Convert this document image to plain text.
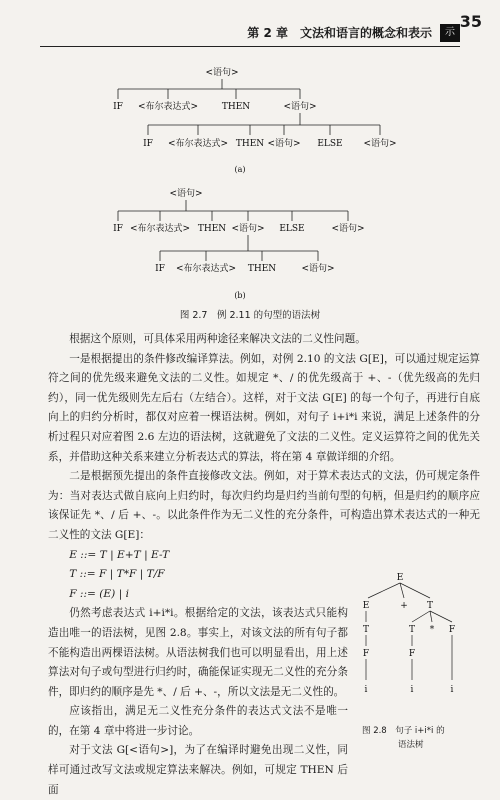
第 2 章　文法和语言的概念和表示	示
35
<语句>
IF <布尔表达式>	THEN	<语句>
IF <布尔表达式> THEN <语句> ELSE <语句>
(a)
<语句>
IF <布尔表达式> THEN <语句> ELSE	<语句>
IF <布尔表达式> THEN	<语句>
(b)
图 2.7　例 2.11 的句型的语法树

根据这个原则，可具体采用两种途径来解决文法的二义性问题。

一是根据提出的条件修改编译算法。例如，对例 2.10 的文法 G[E]，可以通过规定运算符之间的优先级来避免文法的二义性。如规定 *、/ 的优先级高于 +、-（优先级高的先归约），同一优先级则先左后右（左结合）。这样，对于文法 G[E] 的每一个句子，再进行自底向上的归约分析时，都仅对应着一棵语法树。例如，对句子 i+i*i 来说，满足上述条件的分析过程只对应着图 2.6 左边的语法树，这就避免了文法的二义性。定义运算符之间的优先关系，并借助这种关系来建立分析表达式的算法，将在第 4 章做详细的介绍。

二是根据预先提出的条件直接修改文法。例如，对于算术表达式的文法，仍可规定条件为：当对表达式做自底向上归约时，每次归约均是归约当前句型的句柄，但是归约的顺序应该保证先 *、/ 后 +、-。以此条件作为无二义性的充分条件，可构造出算术表达式的一种无二义性的文法 G[E]：

E ::= T | E+T | E-T
T ::= F | T*F | T/F
F ::= (E) | i

仍然考虑表达式 i+i*i。根据给定的文法，该表达式只能构造出唯一的语法树，见图 2.8。事实上，对该文法的所有句子都不能构造出两棵语法树。从语法树我们也可以明显看出，用上述算法对句子或句型进行归约时，确能保证实现无二义性的充分条件，即归约的顺序是先 *、/ 后 +、-，所以文法是无二义性的。

应该指出，满足无二义性充分条件的表达式文法不是唯一的，在第 4 章中将进一步讨论。

对于文法 G[<语句>]，为了在编译时避免出现二义性，同样可通过改写文法或规定算法来解决。例如，可规定 THEN 后面

E
E	+ T
T
F
i
T * F
F
i	i
图 2.8　句子 i+i*i 的
语法树
